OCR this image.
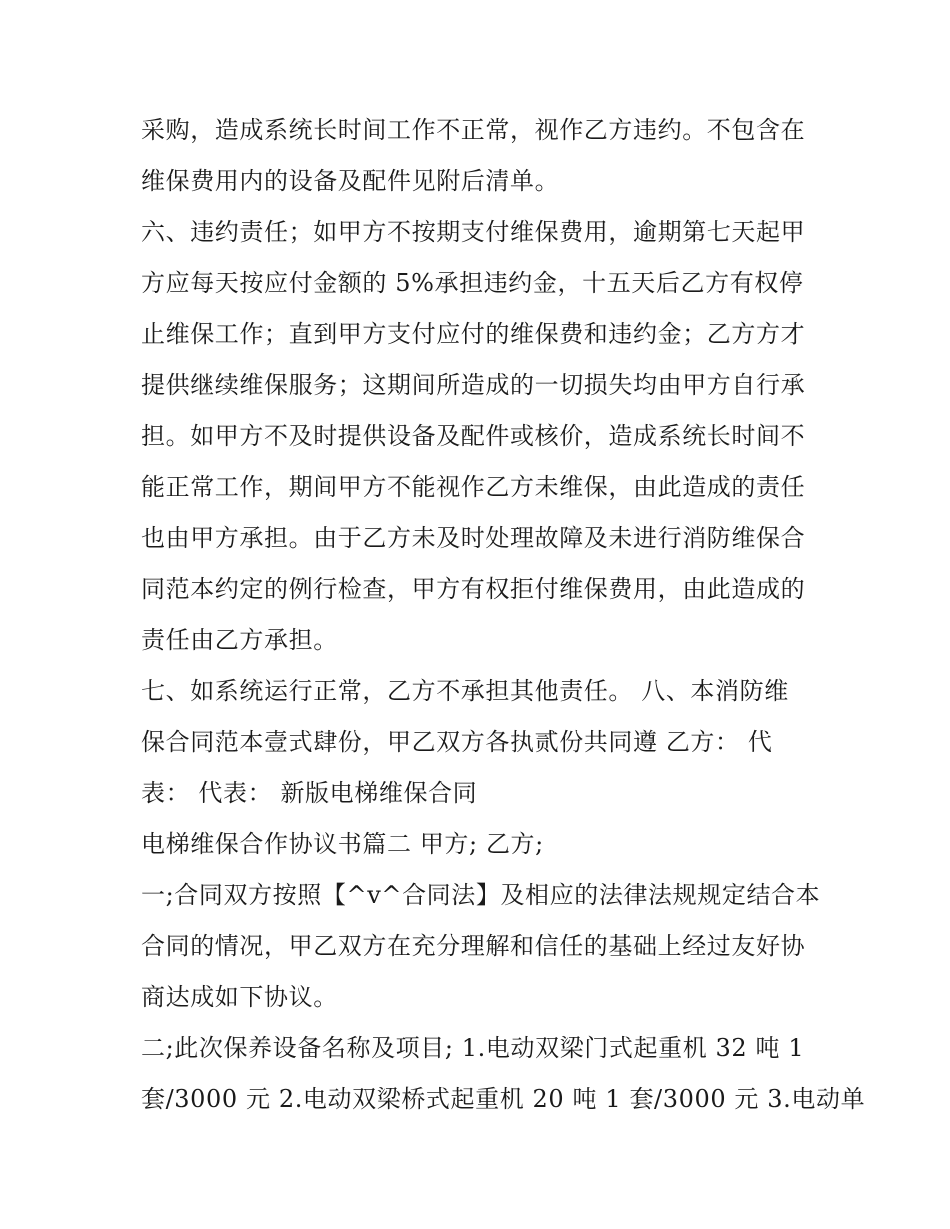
采购，造成系统长时间工作不正常，视作乙方违约。不包含在
维保费用内的设备及配件见附后清单。
六、违约责任；如甲方不按期支付维保费用，逾期第七天起甲
方应每天按应付金额的 5%承担违约金，十五天后乙方有权停
止维保工作；直到甲方支付应付的维保费和违约金；乙方方才
提供继续维保服务；这期间所造成的一切损失均由甲方自行承
担。如甲方不及时提供设备及配件或核价，造成系统长时间不
能正常工作，期间甲方不能视作乙方未维保，由此造成的责任
也由甲方承担。由于乙方未及时处理故障及未进行消防维保合
同范本约定的例行检查，甲方有权拒付维保费用，由此造成的
责任由乙方承担。
七、如系统运行正常，乙方不承担其他责任。 八、本消防维
保合同范本壹式肆份，甲乙双方各执贰份共同遵 乙方： 代
表： 代表： 新版电梯维保合同
电梯维保合作协议书篇二 甲方; 乙方;
一;合同双方按照【^v^合同法】及相应的法律法规规定结合本
合同的情况，甲乙双方在充分理解和信任的基础上经过友好协
商达成如下协议。
二;此次保养设备名称及项目; 1.电动双梁门式起重机 32 吨 1
套/3000 元 2.电动双梁桥式起重机 20 吨 1 套/3000 元 3.电动单
